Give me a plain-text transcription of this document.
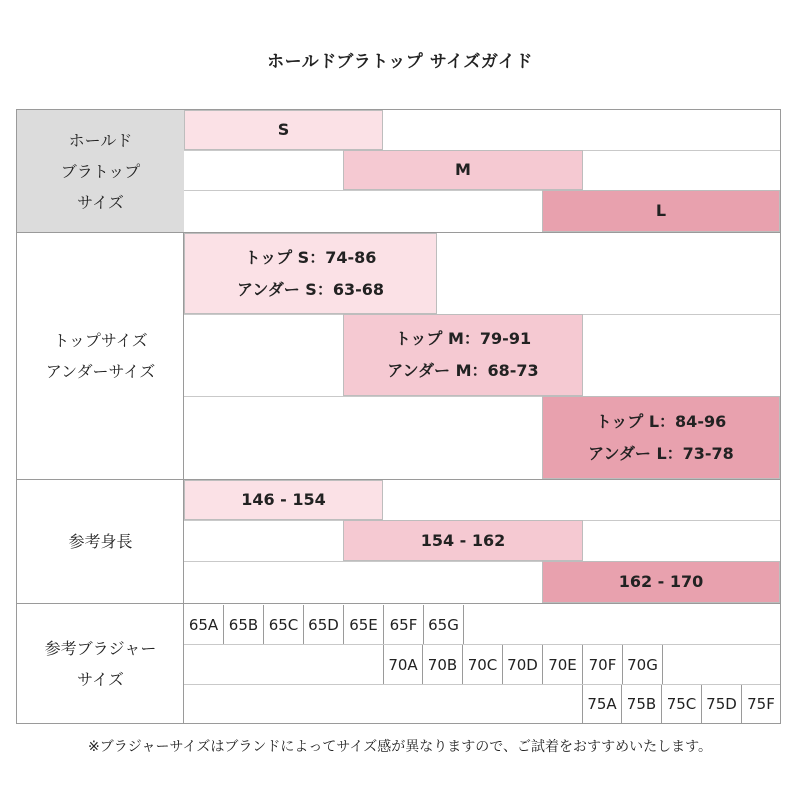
ホールドブラトップ サイズガイド
ホールド
ブラトップ
サイズ
S
M
L
トップサイズ
アンダーサイズ
トップ S：74-86
アンダー S：63-68
トップ M：79-91
アンダー M：68-73
トップ L：84-96
アンダー L：73-78
参考身長
146 - 154
154 - 162
162 - 170
参考ブラジャー
サイズ
65A 65B 65C 65D 65E 65F 65G
70A 70B 70C 70D 70E 70F 70G
75A 75B 75C 75D 75F
※ブラジャーサイズはブランドによってサイズ感が異なりますので、ご試着をおすすめいたします。
